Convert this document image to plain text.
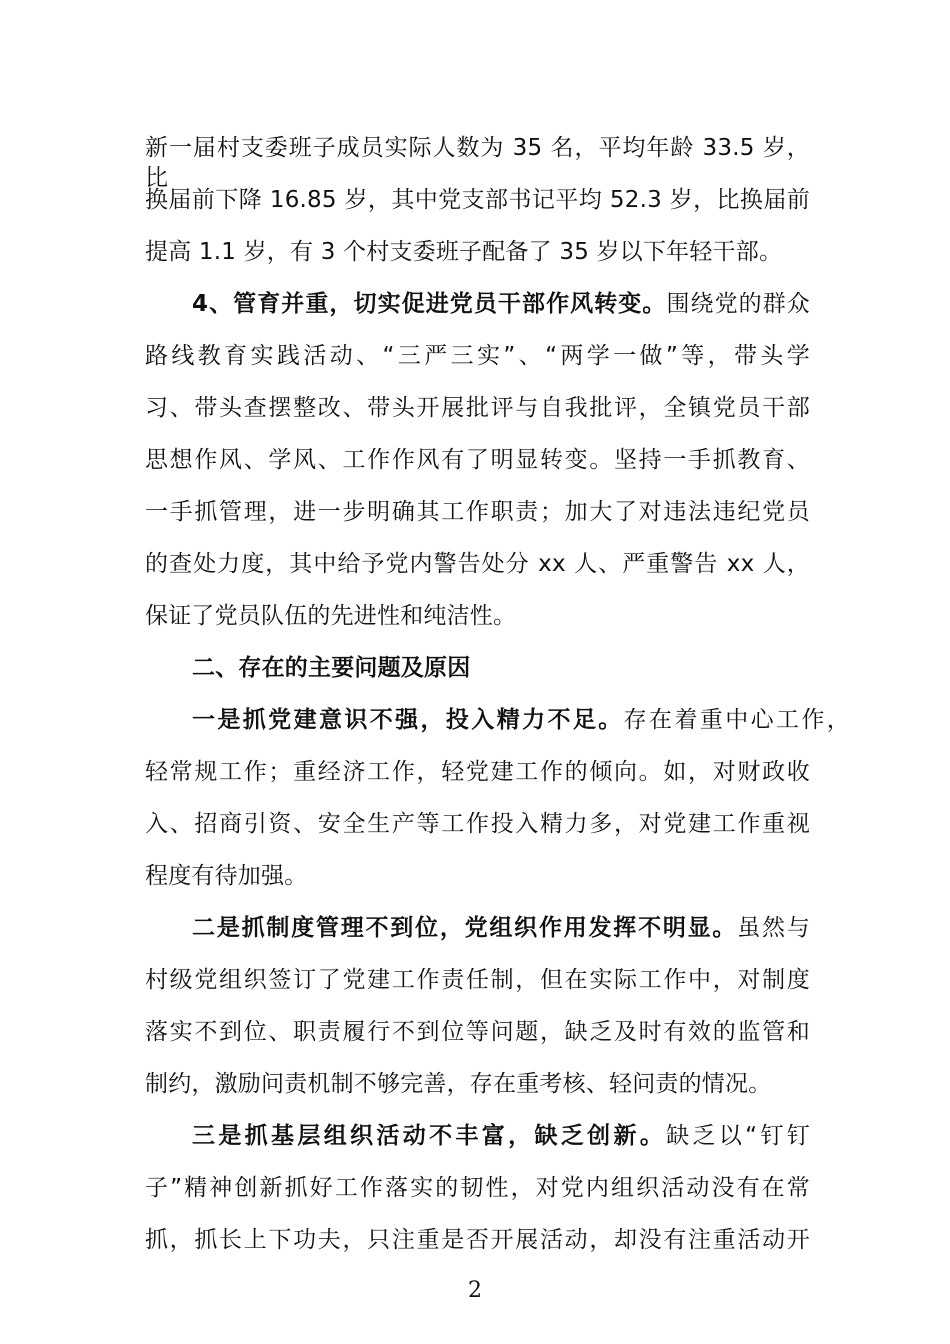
新一届村支委班子成员实际人数为 35 名，平均年龄 33.5 岁，比
换届前下降 16.85 岁，其中党支部书记平均 52.3 岁，比换届前
提高 1.1 岁，有 3 个村支委班子配备了 35 岁以下年轻干部。
4、管育并重，切实促进党员干部作风转变。围绕党的群众
路线教育实践活动、“三严三实”、“两学一做”等，带头学
习、带头查摆整改、带头开展批评与自我批评，全镇党员干部
思想作风、学风、工作作风有了明显转变。坚持一手抓教育、
一手抓管理，进一步明确其工作职责；加大了对违法违纪党员
的查处力度，其中给予党内警告处分 xx 人、严重警告 xx 人，
保证了党员队伍的先进性和纯洁性。
二、存在的主要问题及原因
一是抓党建意识不强，投入精力不足。存在着重中心工作，
轻常规工作；重经济工作，轻党建工作的倾向。如，对财政收
入、招商引资、安全生产等工作投入精力多，对党建工作重视
程度有待加强。
二是抓制度管理不到位，党组织作用发挥不明显。虽然与
村级党组织签订了党建工作责任制，但在实际工作中，对制度
落实不到位、职责履行不到位等问题，缺乏及时有效的监管和
制约，激励问责机制不够完善，存在重考核、轻问责的情况。
三是抓基层组织活动不丰富，缺乏创新。缺乏以“钉钉
子”精神创新抓好工作落实的韧性，对党内组织活动没有在常
抓，抓长上下功夫，只注重是否开展活动，却没有注重活动开
2
